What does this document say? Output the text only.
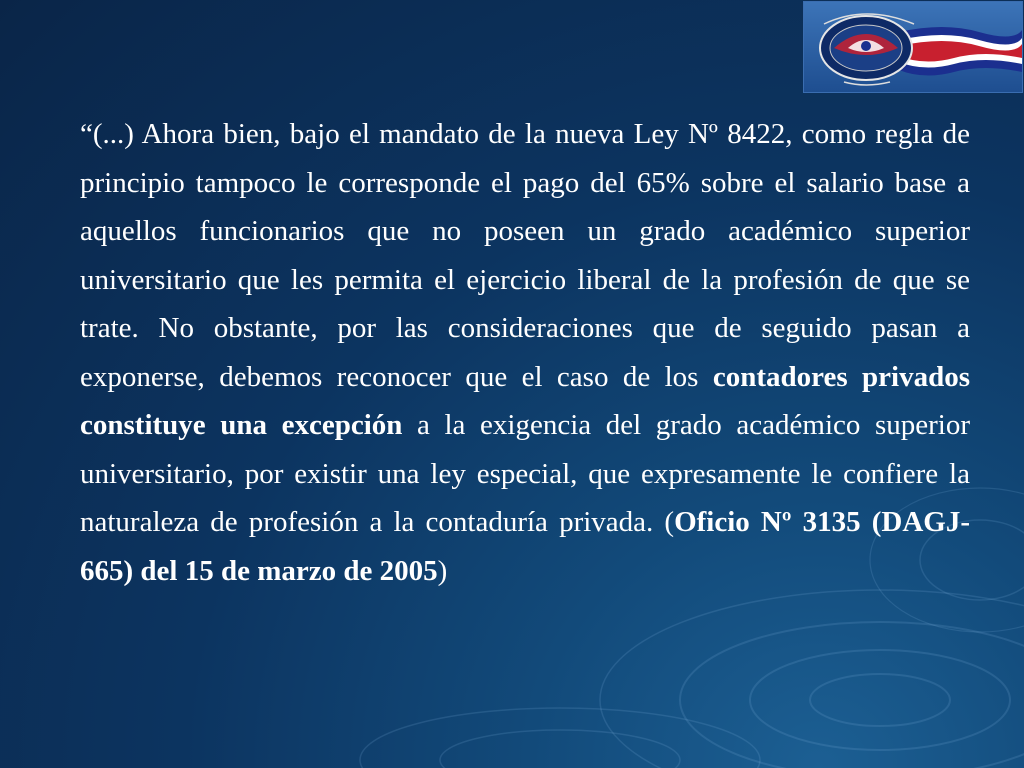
“(...) Ahora bien, bajo el mandato de la nueva Ley Nº 8422, como regla de principio tampoco le corresponde el pago del 65% sobre el salario base a aquellos funcionarios que no poseen un grado académico superior universitario que les permita el ejercicio liberal de la profesión de que se trate. No obstante, por las consideraciones que de seguido pasan a exponerse, debemos reconocer que el caso de los contadores privados constituye una excepción a la exigencia del grado académico superior universitario, por existir una ley especial, que expresamente le confiere la naturaleza de profesión a la contaduría privada. (Oficio Nº 3135 (DAGJ-665) del 15 de marzo de 2005)
